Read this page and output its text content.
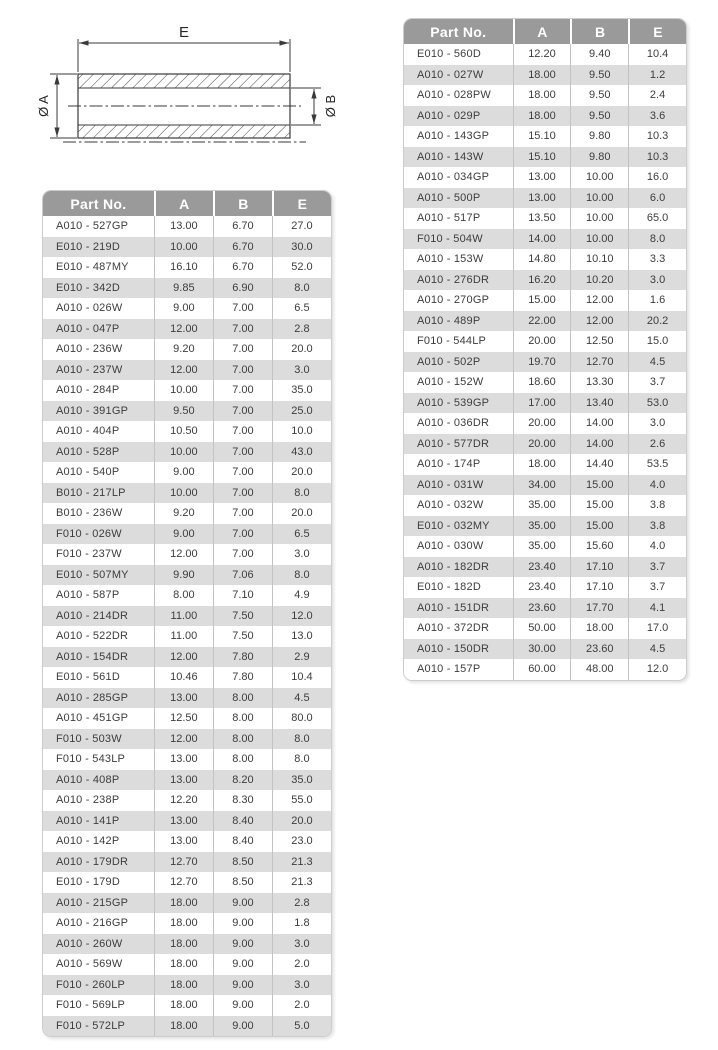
E
Ø A	Ø B
Part No.	A	B	E
A010 - 527GP	13.00	6.70	27.0
E010 - 219D	10.00	6.70	30.0
E010 - 487MY	16.10	6.70	52.0
E010 - 342D	9.85	6.90	8.0
A010 - 026W	9.00	7.00	6.5
A010 - 047P	12.00	7.00	2.8
A010 - 236W	9.20	7.00	20.0
A010 - 237W	12.00	7.00	3.0
A010 - 284P	10.00	7.00	35.0
A010 - 391GP	9.50	7.00	25.0
A010 - 404P	10.50	7.00	10.0
A010 - 528P	10.00	7.00	43.0
A010 - 540P	9.00	7.00	20.0
B010 - 217LP	10.00	7.00	8.0
B010 - 236W	9.20	7.00	20.0
F010 - 026W	9.00	7.00	6.5
F010 - 237W	12.00	7.00	3.0
E010 - 507MY	9.90	7.06	8.0
A010 - 587P	8.00	7.10	4.9
A010 - 214DR	11.00	7.50	12.0
A010 - 522DR	11.00	7.50	13.0
A010 - 154DR	12.00	7.80	2.9
E010 - 561D	10.46	7.80	10.4
A010 - 285GP	13.00	8.00	4.5
A010 - 451GP	12.50	8.00	80.0
F010 - 503W	12.00	8.00	8.0
F010 - 543LP	13.00	8.00	8.0
A010 - 408P	13.00	8.20	35.0
A010 - 238P	12.20	8.30	55.0
A010 - 141P	13.00	8.40	20.0
A010 - 142P	13.00	8.40	23.0
A010 - 179DR	12.70	8.50	21.3
E010 - 179D	12.70	8.50	21.3
A010 - 215GP	18.00	9.00	2.8
A010 - 216GP	18.00	9.00	1.8
A010 - 260W	18.00	9.00	3.0
A010 - 569W	18.00	9.00	2.0
F010 - 260LP	18.00	9.00	3.0
F010 - 569LP	18.00	9.00	2.0
F010 - 572LP	18.00	9.00	5.0
Part No.	A	B	E
E010 - 560D	12.20	9.40	10.4
A010 - 027W	18.00	9.50	1.2
A010 - 028PW	18.00	9.50	2.4
A010 - 029P	18.00	9.50	3.6
A010 - 143GP	15.10	9.80	10.3
A010 - 143W	15.10	9.80	10.3
A010 - 034GP	13.00	10.00	16.0
A010 - 500P	13.00	10.00	6.0
A010 - 517P	13.50	10.00	65.0
F010 - 504W	14.00	10.00	8.0
A010 - 153W	14.80	10.10	3.3
A010 - 276DR	16.20	10.20	3.0
A010 - 270GP	15.00	12.00	1.6
A010 - 489P	22.00	12.00	20.2
F010 - 544LP	20.00	12.50	15.0
A010 - 502P	19.70	12.70	4.5
A010 - 152W	18.60	13.30	3.7
A010 - 539GP	17.00	13.40	53.0
A010 - 036DR	20.00	14.00	3.0
A010 - 577DR	20.00	14.00	2.6
A010 - 174P	18.00	14.40	53.5
A010 - 031W	34.00	15.00	4.0
A010 - 032W	35.00	15.00	3.8
E010 - 032MY	35.00	15.00	3.8
A010 - 030W	35.00	15.60	4.0
A010 - 182DR	23.40	17.10	3.7
E010 - 182D	23.40	17.10	3.7
A010 - 151DR	23.60	17.70	4.1
A010 - 372DR	50.00	18.00	17.0
A010 - 150DR	30.00	23.60	4.5
A010 - 157P	60.00	48.00	12.0
